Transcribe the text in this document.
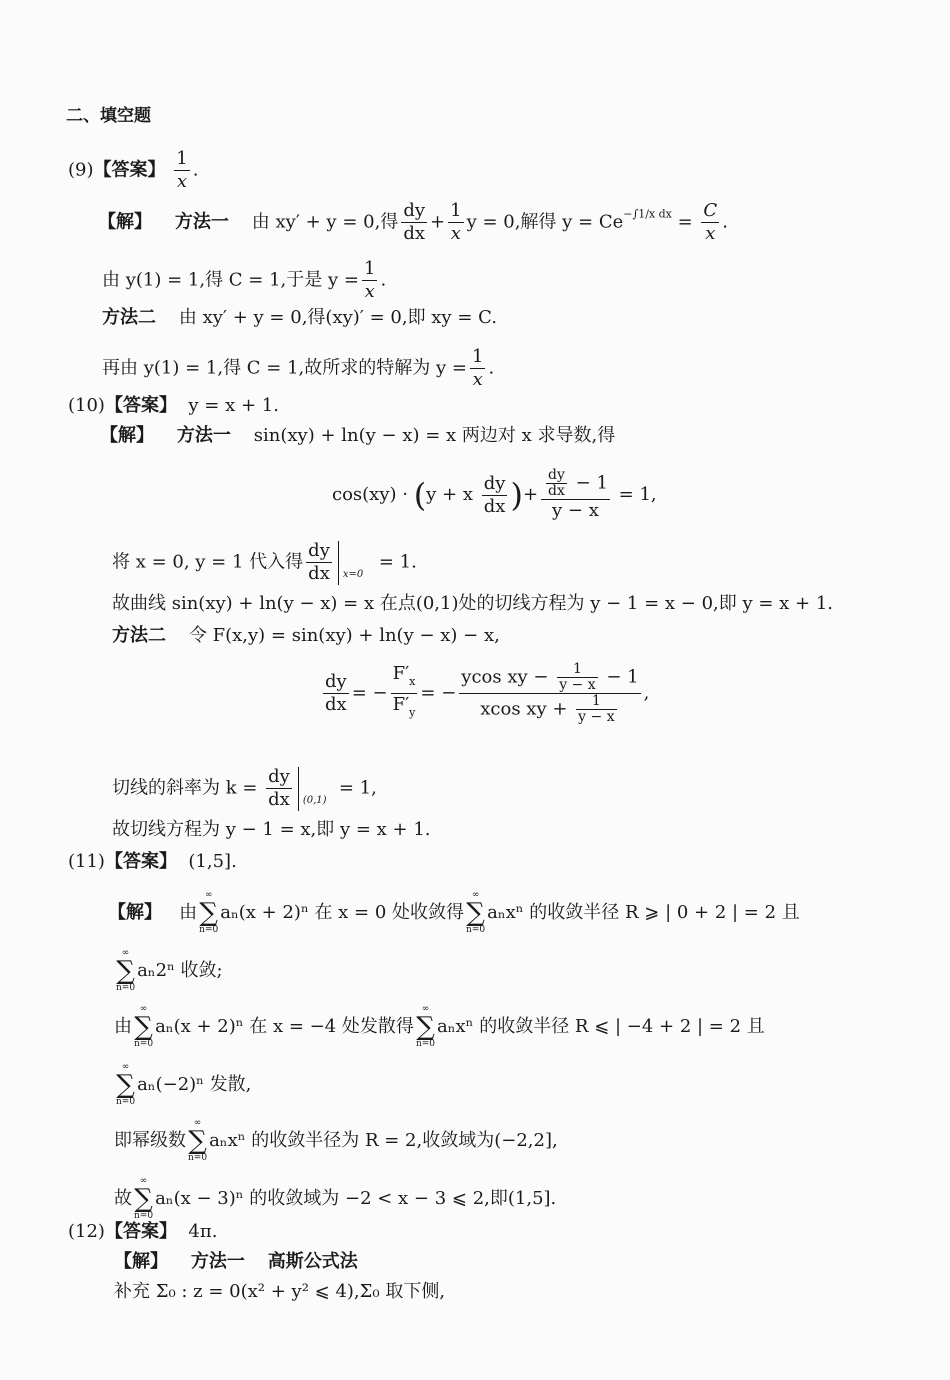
二、填空题
(9)【答案】 $\frac{1}{x}$ .
【解】 方法一 由 xy′ + y = 0,得 $\frac{dy}{dx} + \frac{1}{x}$ y = 0,解得 $y = Ce^{-\int 1/x dx} = \frac{C}{x}$ .
由 y(1) = 1,得 C = 1,于是 $y = \frac{1}{x}$ .
方法二 由 xy′ + y = 0,得(xy)′ = 0,即 xy = C.
再由 y(1) = 1,得 C = 1,故所求的特解为 $y = \frac{1}{x}$ .
(10)【答案】 y = x + 1.
【解】 方法一 sin(xy) + ln(y − x) = x 两边对 x 求导数,得
cos(xy) · (y + x $\frac{dy}{dx}$ )+ $\frac{\frac{dy}{dx} - 1}{y - x} = 1$,
将 x = 0, y = 1 代入得 $\frac{dy}{dx} x=0$
= 1.
故曲线 sin(xy) + ln(y − x) = x 在点(0,1)处的切线方程为 y − 1 = x − 0,即 y = x + 1.
方法二 令 F(x,y) = sin(xy) + ln(y − x) − x,
$\frac{dy}{dx}$ = − $\frac{F'_x}{F'_y}$ = − $\frac{ycos xy - \frac{1}{y - x} - 1}{xcos xy + \frac{1}{y - x}}$ ,
切线的斜率为 $k = \frac{dy}{dx} (0,1)$
= 1,
故切线方程为 y − 1 = x,即 y = x + 1.
(11)【答案】 (1,5].
【解】 由
∞
∑
n=0
aₙ(x + 2)ⁿ 在 x = 0 处收敛得
∞
∑
n=0
aₙxⁿ 的收敛半径 R ⩾ | 0 + 2 | = 2 且
∞
∑
n=0
aₙ2ⁿ 收敛;
由
∞
∑
n=0
aₙ(x + 2)ⁿ 在 x = −4 处发散得
∞
∑
n=0
aₙxⁿ 的收敛半径 R ⩽ | −4 + 2 | = 2 且
∞
∑
n=0
aₙ(−2)ⁿ 发散,
即幂级数
∞
∑
n=0
aₙxⁿ 的收敛半径为 R = 2,收敛域为(−2,2],
故
∞
∑
n=0
aₙ(x − 3)ⁿ 的收敛域为 −2 < x − 3 ⩽ 2,即(1,5].
(12)【答案】 4π.
【解】 方法一 高斯公式法
补充 Σ₀ : z = 0(x² + y² ⩽ 4),Σ₀ 取下侧,
